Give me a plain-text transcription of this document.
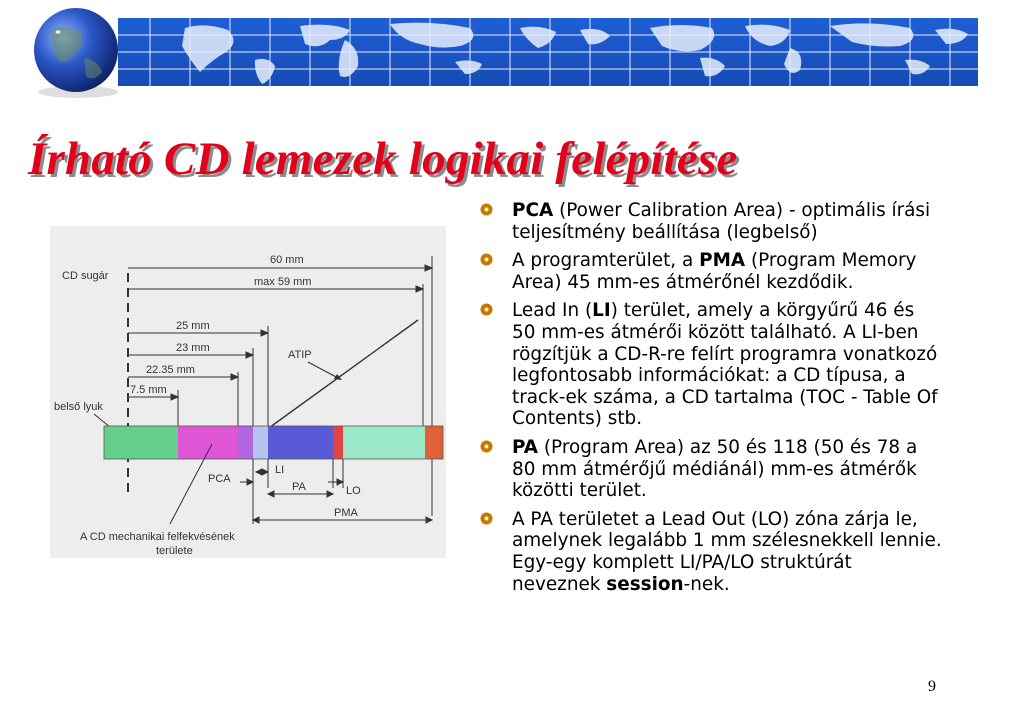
Írható CD lemezek logikai felépítése
CD sugár
60 mm
max 59 mm
25 mm
23 mm
22.35 mm
7.5 mm
ATIP
belső lyuk
PCA
LI
PA	LO
PMA
A CD mechanikai felfekvésének
területe
PCA (Power Calibration Area) - optimális írási teljesítmény beállítása (legbelső)
A programterület, a PMA (Program Memory Area) 45 mm-es átmérőnél kezdődik.
Lead In (LI) terület, amely a körgyűrű 46 és 50 mm-es átmérői között található. A LI-ben rögzítjük a CD-R-re felírt programra vonatkozó legfontosabb információkat: a CD típusa, a track-ek száma, a CD tartalma (TOC - Table Of Contents) stb.
PA (Program Area) az 50 és 118 (50 és 78 a 80 mm átmérőjű médiánál) mm-es átmérők közötti terület.
A PA területet a Lead Out (LO) zóna zárja le, amelynek legalább 1 mm szélesnekkell lennie. Egy-egy komplett LI/PA/LO struktúrát neveznek session-nek.
9
